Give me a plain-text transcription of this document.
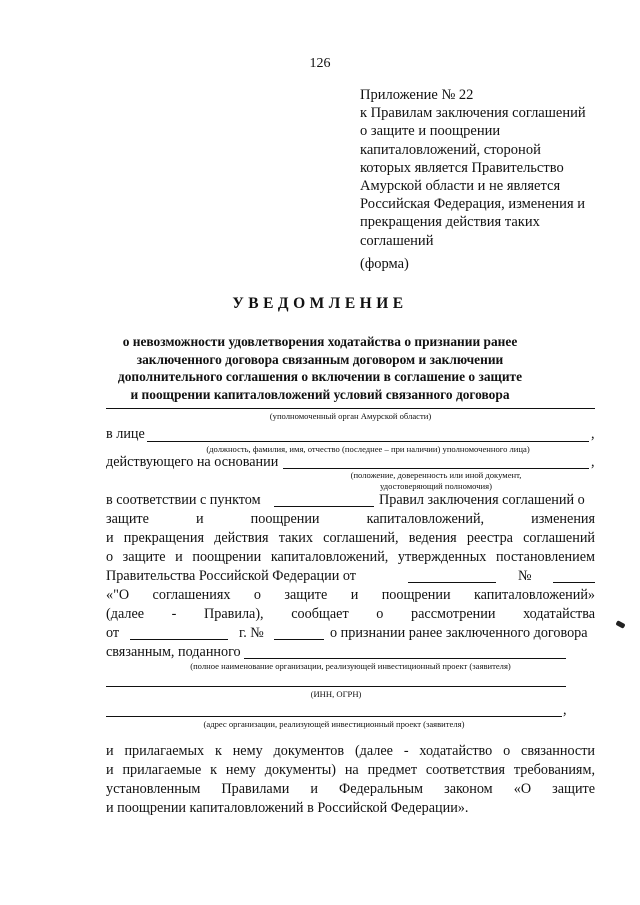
126
Приложение № 22
к Правилам заключения соглашений
о защите и поощрении
капиталовложений, стороной
которых является Правительство
Амурской области и не является
Российская Федерация, изменения и
прекращения действия таких
соглашений
(форма)
УВЕДОМЛЕНИЕ
о невозможности удовлетворения ходатайства о признании ранее
заключенного договора связанным договором и заключении
дополнительного соглашения о включении в соглашение о защите
и поощрении капиталовложений условий связанного договора
(уполномоченный орган Амурской области)
в лице	,
(должность, фамилия, имя, отчество (последнее – при наличии) уполномоченного лица)
действующего на основании	,
(положение, доверенность или иной документ,
удостоверяющий полномочия)
в соответствии с пунктом	Правил заключения соглашений о
защите	и	поощрении	капиталовложений,	изменения
и прекращения действия таких соглашений, ведения реестра соглашений
о защите и поощрении капиталовложений, утвержденных постановлением
Правительства Российской Федерации от	№
«"О соглашениях о защите и поощрении капиталовложений»
(далее - Правила), сообщает о рассмотрении ходатайства
от	г. №	о признании ранее заключенного договора
связанным, поданного
(полное наименование организации, реализующей инвестиционный проект (заявителя)
(ИНН, ОГРН)
,
(адрес организации, реализующей инвестиционный проект (заявителя)
и прилагаемых к нему документов (далее - ходатайство о связанности
и прилагаемые к нему документы) на предмет соответствия требованиям,
установленным Правилами и Федеральным законом «О защите
и поощрении капиталовложений в Российской Федерации».
